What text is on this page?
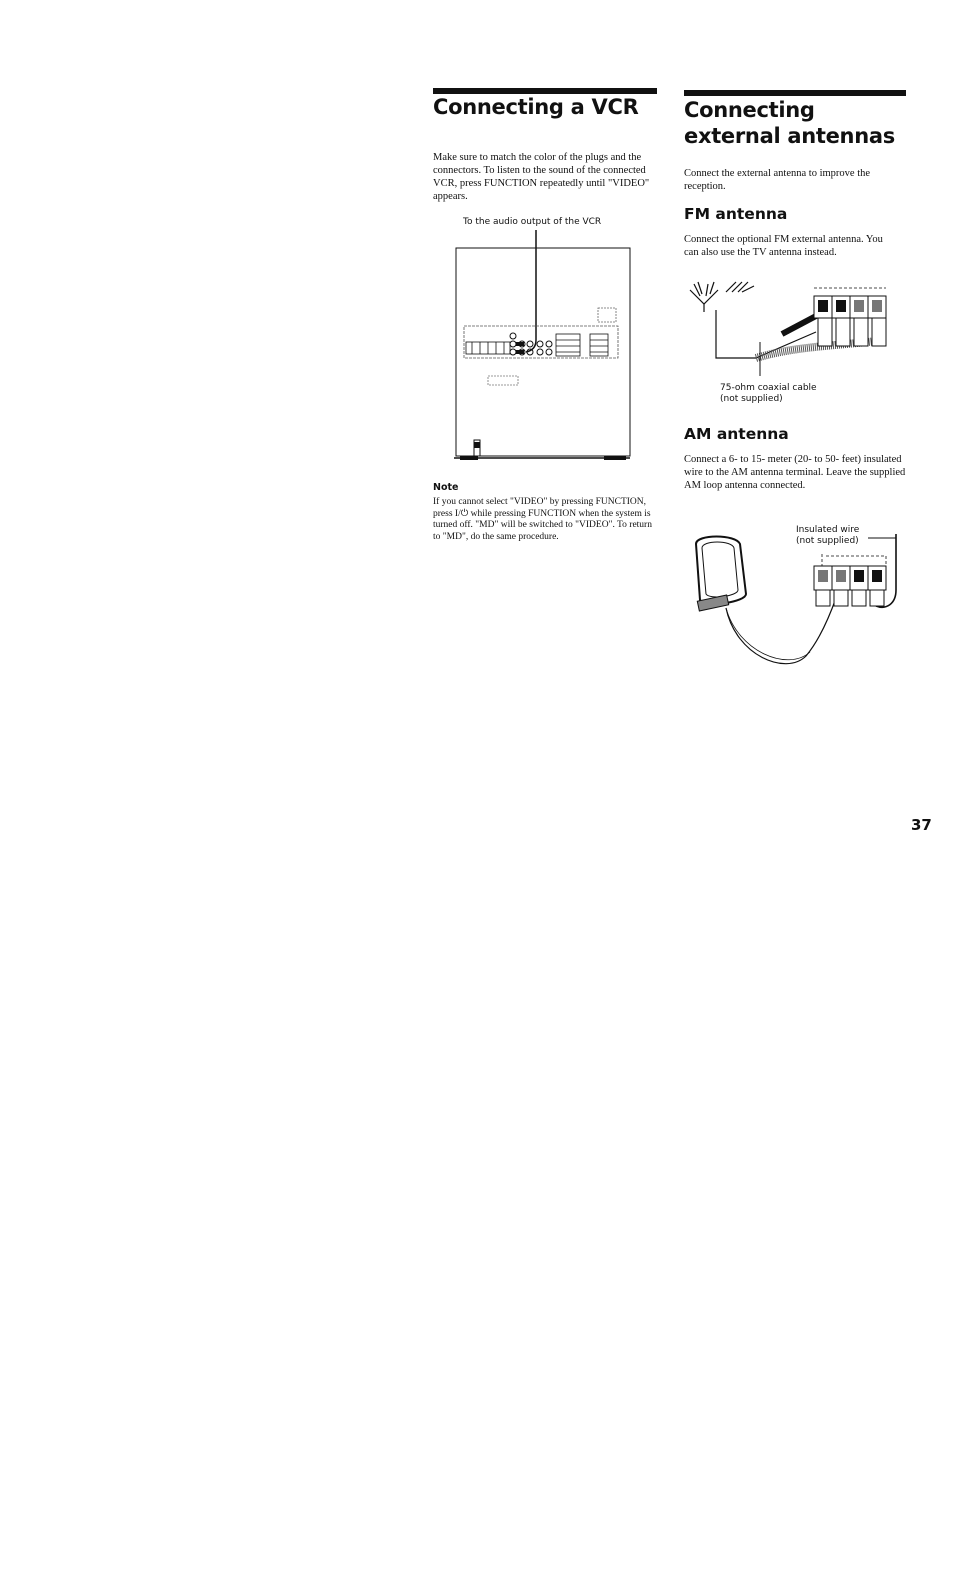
Connecting a VCR
Make sure to match the color of the plugs and the connectors. To listen to the sound of the connected VCR, press FUNCTION repeatedly until "VIDEO" appears.
To the audio output of the VCR
Note
If you cannot select "VIDEO" by pressing FUNCTION, press I/⏻ while pressing FUNCTION when the system is turned off. "MD" will be switched to "VIDEO". To return to "MD", do the same procedure.
Connecting external antennas
Connect the external antenna to improve the reception.
FM antenna
Connect the optional FM external antenna. You can also use the TV antenna instead.
75-ohm coaxial cable
(not supplied)
AM antenna
Connect a 6- to 15- meter (20- to 50- feet) insulated wire to the AM antenna terminal. Leave the supplied AM loop antenna connected.
Insulated wire
(not supplied)
37
